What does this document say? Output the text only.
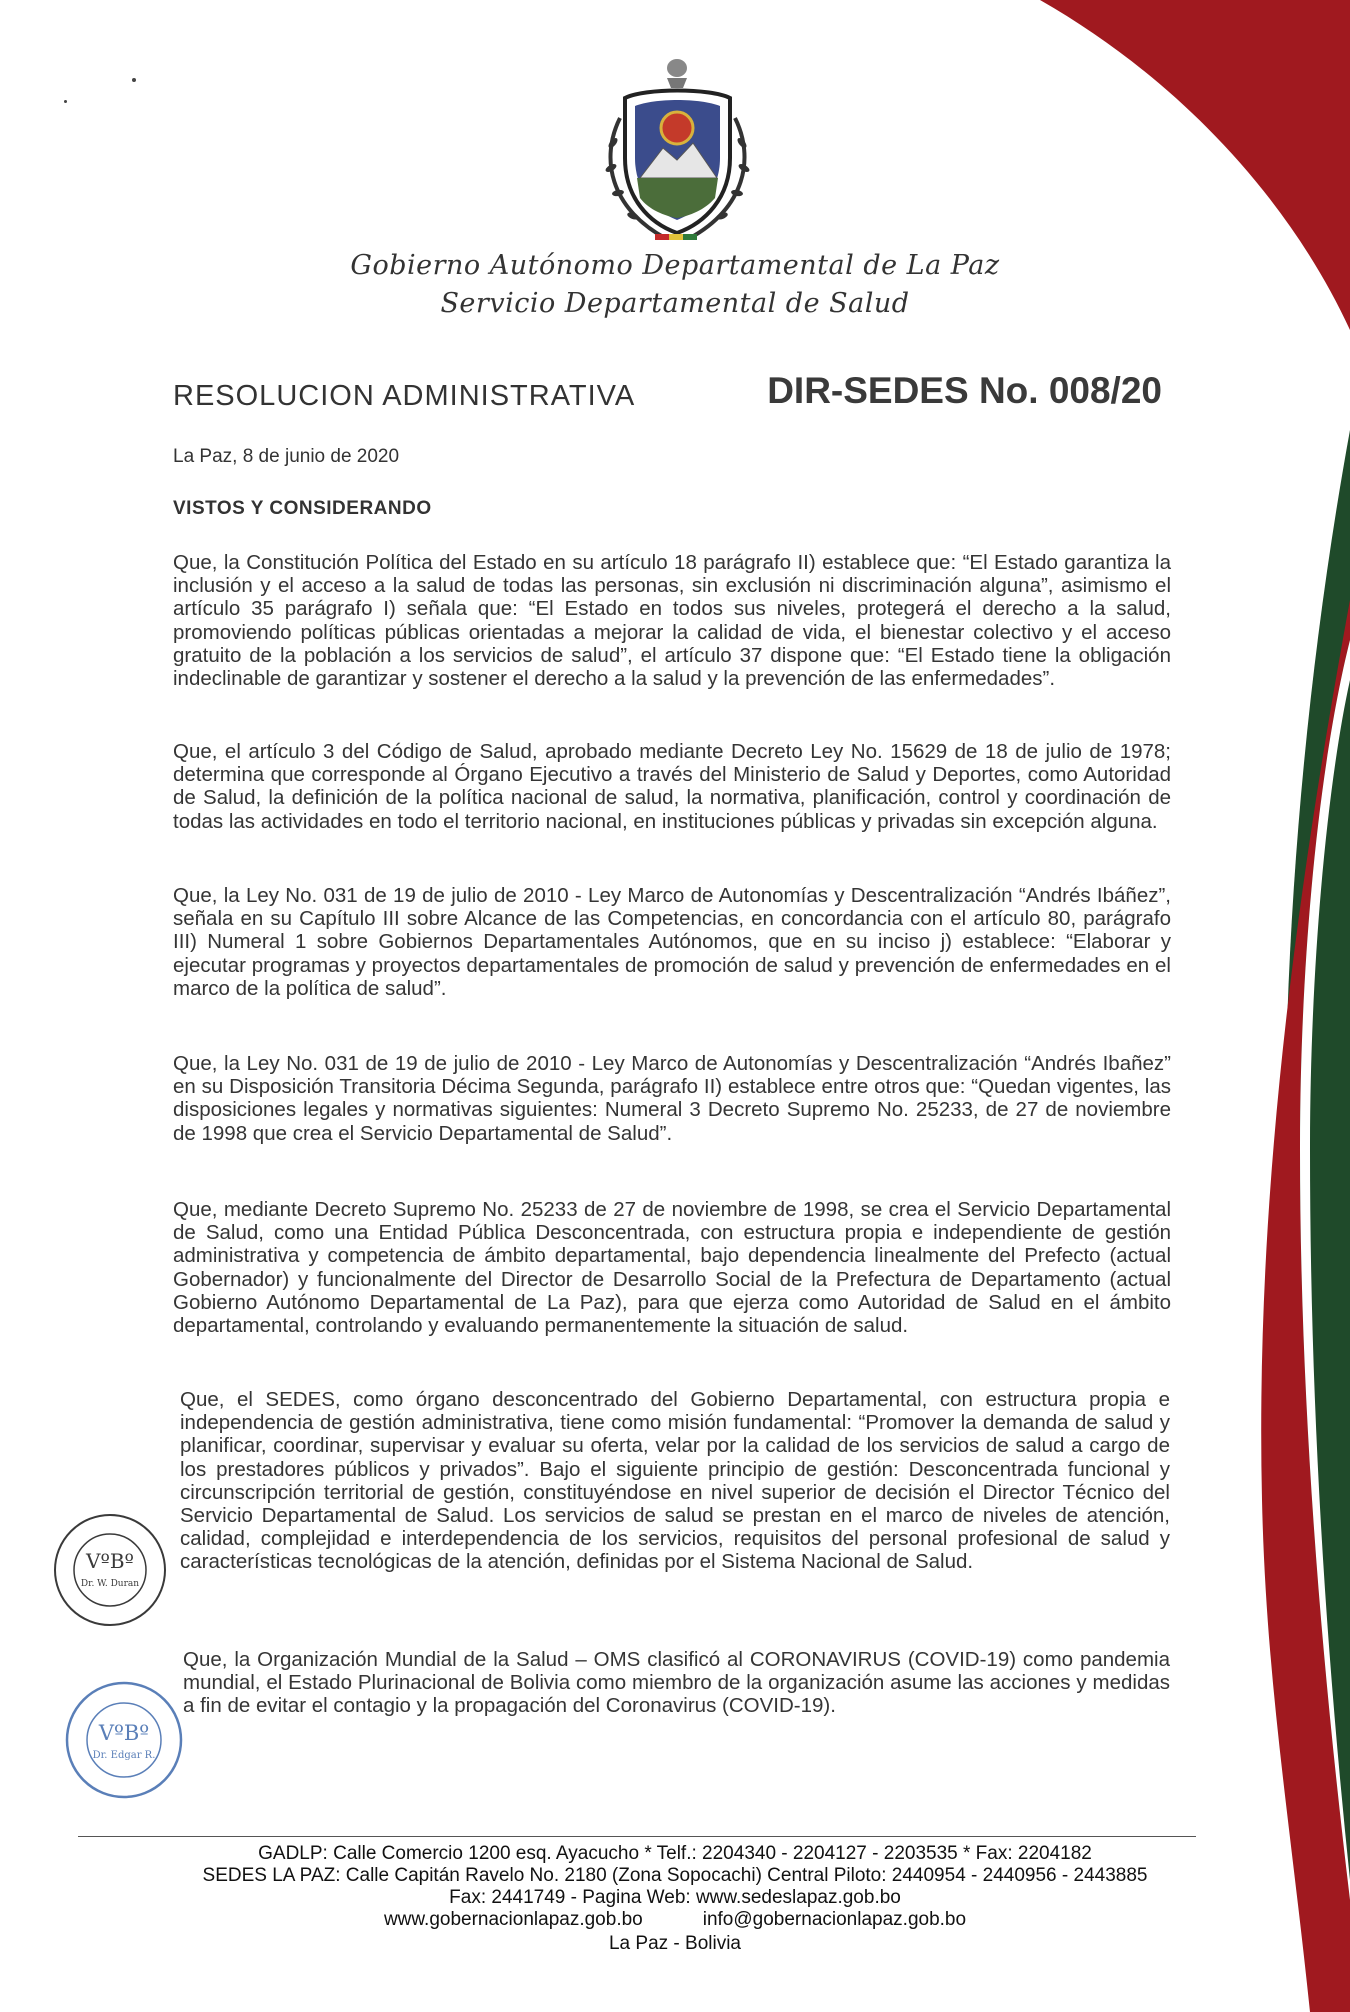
Gobierno Autónomo Departamental de La Paz
Servicio Departamental de Salud
RESOLUCION ADMINISTRATIVA	DIR-SEDES No. 008/20
La Paz, 8 de junio de 2020
VISTOS Y CONSIDERANDO
Que, la Constitución Política del Estado en su artículo 18 parágrafo II) establece que: “El Estado garantiza la inclusión y el acceso a la salud de todas las personas, sin exclusión ni discriminación alguna”, asimismo el artículo 35 parágrafo I) señala que: “El Estado en todos sus niveles, protegerá el derecho a la salud, promoviendo políticas públicas orientadas a mejorar la calidad de vida, el bienestar colectivo y el acceso gratuito de la población a los servicios de salud”, el artículo 37 dispone que: “El Estado tiene la obligación indeclinable de garantizar y sostener el derecho a la salud y la prevención de las enfermedades”.
Que, el artículo 3 del Código de Salud, aprobado mediante Decreto Ley No. 15629 de 18 de julio de 1978; determina que corresponde al Órgano Ejecutivo a través del Ministerio de Salud y Deportes, como Autoridad de Salud, la definición de la política nacional de salud, la normativa, planificación, control y coordinación de todas las actividades en todo el territorio nacional, en instituciones públicas y privadas sin excepción alguna.
Que, la Ley No. 031 de 19 de julio de 2010 - Ley Marco de Autonomías y Descentralización “Andrés Ibáñez”, señala en su Capítulo III sobre Alcance de las Competencias, en concordancia con el artículo 80, parágrafo III) Numeral 1 sobre Gobiernos Departamentales Autónomos, que en su inciso j) establece: “Elaborar y ejecutar programas y proyectos departamentales de promoción de salud y prevención de enfermedades en el marco de la política de salud”.
Que, la Ley No. 031 de 19 de julio de 2010 - Ley Marco de Autonomías y Descentralización “Andrés Ibañez” en su Disposición Transitoria Décima Segunda, parágrafo II) establece entre otros que: “Quedan vigentes, las disposiciones legales y normativas siguientes: Numeral 3 Decreto Supremo No. 25233, de 27 de noviembre de 1998 que crea el Servicio Departamental de Salud”.
Que, mediante Decreto Supremo No. 25233 de 27 de noviembre de 1998, se crea el Servicio Departamental de Salud, como una Entidad Pública Desconcentrada, con estructura propia e independiente de gestión administrativa y competencia de ámbito departamental, bajo dependencia linealmente del Prefecto (actual Gobernador) y funcionalmente del Director de Desarrollo Social de la Prefectura de Departamento (actual Gobierno Autónomo Departamental de La Paz), para que ejerza como Autoridad de Salud en el ámbito departamental, controlando y evaluando permanentemente la situación de salud.
Que, el SEDES, como órgano desconcentrado del Gobierno Departamental, con estructura propia e independencia de gestión administrativa, tiene como misión fundamental: “Promover la demanda de salud y planificar, coordinar, supervisar y evaluar su oferta, velar por la calidad de los servicios de salud a cargo de los prestadores públicos y privados”. Bajo el siguiente principio de gestión: Desconcentrada funcional y circunscripción territorial de gestión, constituyéndose en nivel superior de decisión el Director Técnico del Servicio Departamental de Salud. Los servicios de salud se prestan en el marco de niveles de atención, calidad, complejidad e interdependencia de los servicios, requisitos del personal profesional de salud y características tecnológicas de la atención, definidas por el Sistema Nacional de Salud.
Que, la Organización Mundial de la Salud – OMS clasificó al CORONAVIRUS (COVID-19) como pandemia mundial, el Estado Plurinacional de Bolivia como miembro de la organización asume las acciones y medidas a fin de evitar el contagio y la propagación del Coronavirus (COVID-19).
VºBº
Dr. W. Duran
VºBº
Dr. Edgar R.
GADLP: Calle Comercio 1200 esq. Ayacucho * Telf.: 2204340 - 2204127 - 2203535 * Fax: 2204182
SEDES LA PAZ: Calle Capitán Ravelo No. 2180 (Zona Sopocachi) Central Piloto: 2440954 - 2440956 - 2443885
Fax: 2441749 - Pagina Web: www.sedeslapaz.gob.bo
www.gobernacionlapaz.gob.bo	info@gobernacionlapaz.gob.bo
La Paz - Bolivia
